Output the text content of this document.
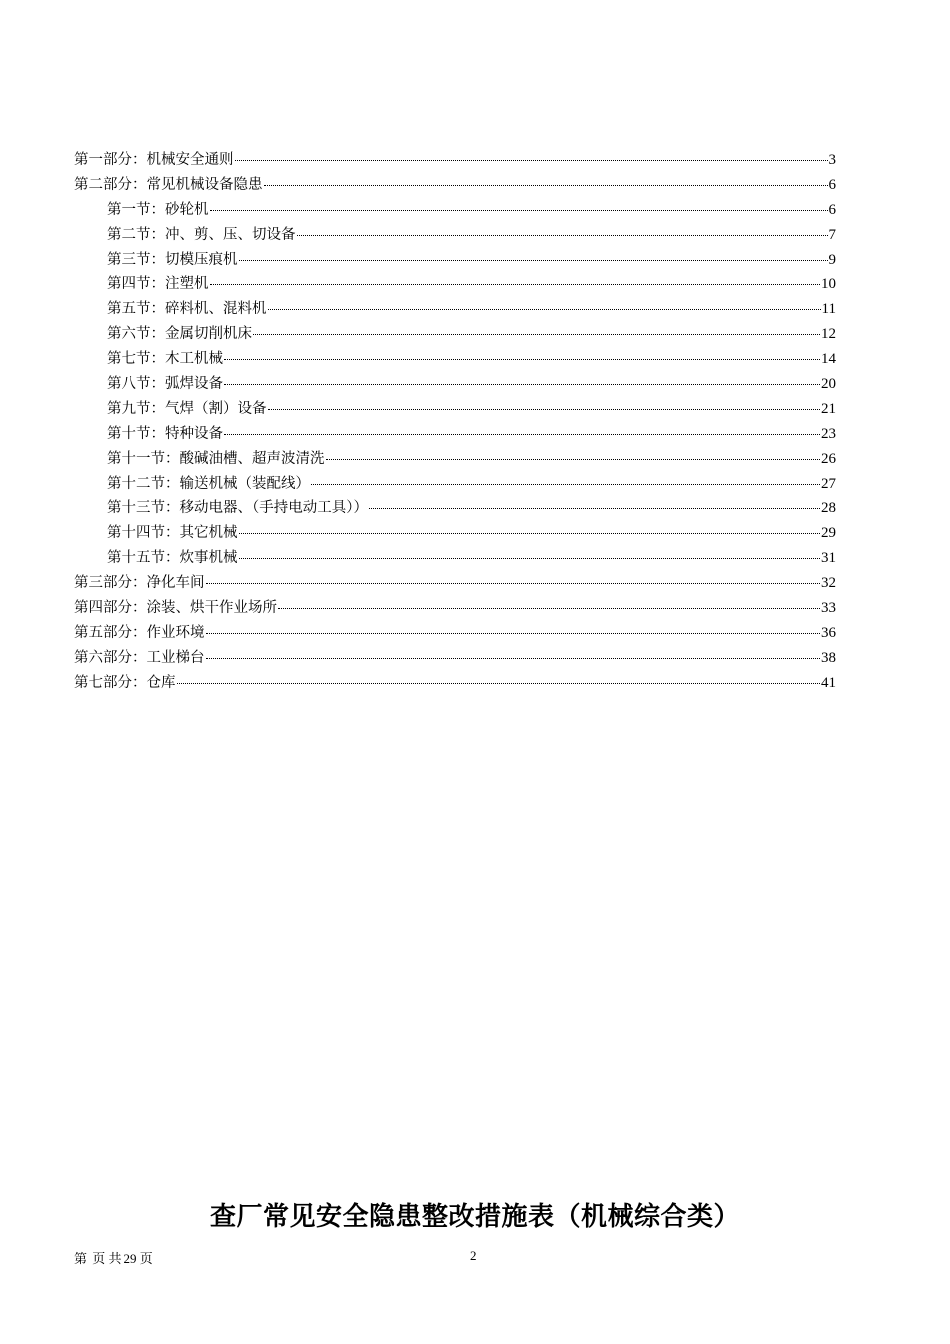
第一部分：机械安全通则	3
第二部分：常见机械设备隐患	6
第一节：砂轮机	6
第二节：冲、剪、压、切设备	7
第三节：切模压痕机	9
第四节：注塑机	10
第五节：碎料机、混料机	11
第六节：金属切削机床	12
第七节：木工机械	14
第八节：弧焊设备	20
第九节：气焊（割）设备	21
第十节：特种设备	23
第十一节：酸碱油槽、超声波清洗	26
第十二节：输送机械（装配线）	27
第十三节：移动电器、（手持电动工具））	28
第十四节：其它机械	29
第十五节：炊事机械	31
第三部分：净化车间	32
第四部分：涂装、烘干作业场所	33
第五部分：作业环境	36
第六部分：工业梯台	38
第七部分：仓库	41
查厂常见安全隐患整改措施表（机械综合类）
第 页 共 29 页	2
